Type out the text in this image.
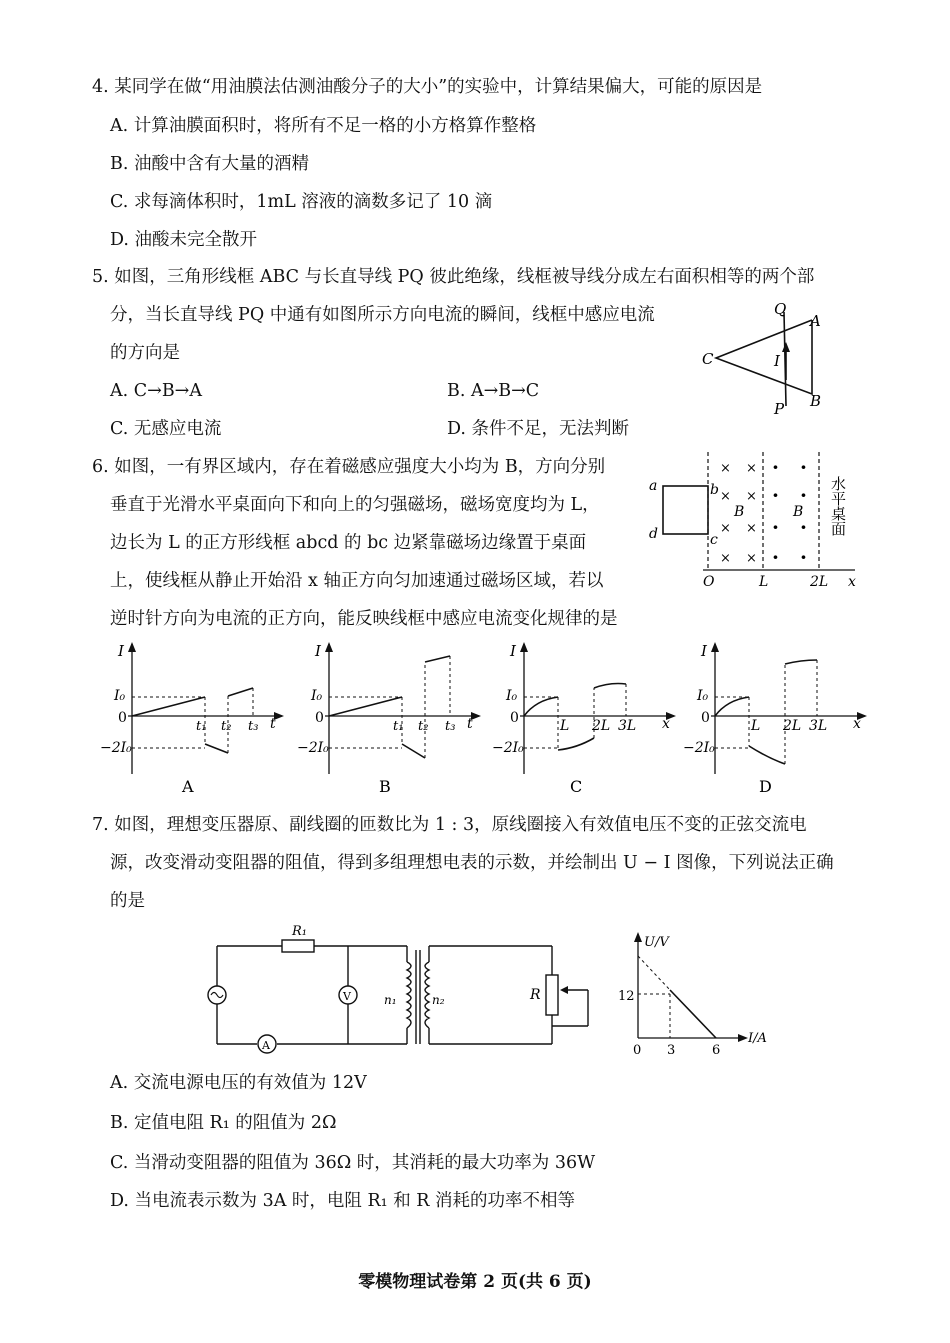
4. 某同学在做“用油膜法估测油酸分子的大小”的实验中，计算结果偏大，可能的原因是
A. 计算油膜面积时，将所有不足一格的小方格算作整格
B. 油酸中含有大量的酒精
C. 求每滴体积时，1mL 溶液的滴数多记了 10 滴
D. 油酸未完全散开
5. 如图，三角形线框 ABC 与长直导线 PQ 彼此绝缘，线框被导线分成左右面积相等的两个部
分，当长直导线 PQ 中通有如图所示方向电流的瞬间，线框中感应电流
的方向是
A. C→B→A	B. A→B→C
C. 无感应电流	D. 条件不足，无法判断
Q
A
C	I
P B
6. 如图，一有界区域内，存在着磁感应强度大小均为 B，方向分别
垂直于光滑水平桌面向下和向上的匀强磁场，磁场宽度均为 L，
边长为 L 的正方形线框 abcd 的 bc 边紧靠磁场边缘置于桌面
上，使线框从静止开始沿 x 轴正方向匀加速通过磁场区域，若以
逆时针方向为电流的正方向，能反映线框中感应电流变化规律的是
a	b
c
d
× ×
× ×
× ×
× ×
· ·
· ·
· ·
· ·
B	B
O	L	2L x
水平桌面
I
I₀
0
−2I₀
t₁ t₂ t₃ t
A
I
I₀
0
−2I₀
t₁ t₂ t₃ t
B
I
I₀
0
−2I₀
L 2L 3L x
C
I
I₀
0
−2I₀
L 2L 3L x
D
7. 如图，理想变压器原、副线圈的匝数比为 1 : 3，原线圈接入有效值电压不变的正弦交流电
源，改变滑动变阻器的阻值，得到多组理想电表的示数，并绘制出 U − I 图像，下列说法正确
的是
R₁
V
A
n₁	n₂	R
U/V
12
0 3	6
I/A
A. 交流电源电压的有效值为 12V
B. 定值电阻 R₁ 的阻值为 2Ω
C. 当滑动变阻器的阻值为 36Ω 时，其消耗的最大功率为 36W
D. 当电流表示数为 3A 时，电阻 R₁ 和 R 消耗的功率不相等
零模物理试卷第 2 页(共 6 页)
